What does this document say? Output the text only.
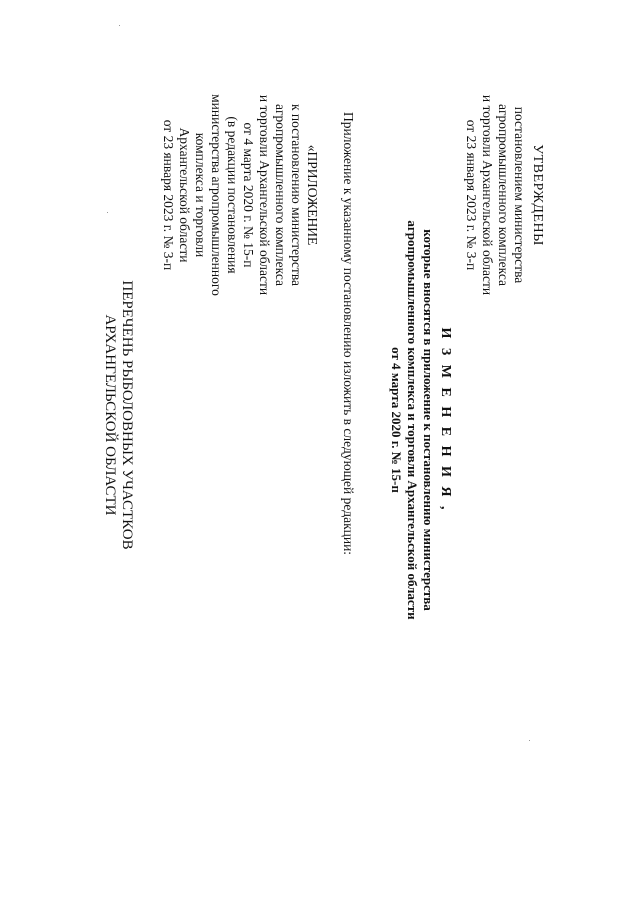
УТВЕРЖДЕНЫ
постановлением министерства
агропромышленного комплекса
и торговли Архангельской области
от 23 января 2023 г. № 3-п
И З М Е Н Е Н И Я ,
которые вносятся в приложение к постановлению министерства
агропромышленного комплекса и торговли Архангельской области
от 4 марта 2020 г. № 15-п
Приложение к указанному постановлению изложить в следующей редакции:
«ПРИЛОЖЕНИЕ
к постановлению министерства
агропромышленного комплекса
и торговли Архангельской области
от 4 марта 2020 г. № 15-п
(в редакции постановления
министерства агропромышленного
комплекса и торговли
Архангельской области
от 23 января 2023 г. № 3-п
ПЕРЕЧЕНЬ РЫБОЛОВНЫХ УЧАСТКОВ
АРХАНГЕЛЬСКОЙ ОБЛАСТИ
